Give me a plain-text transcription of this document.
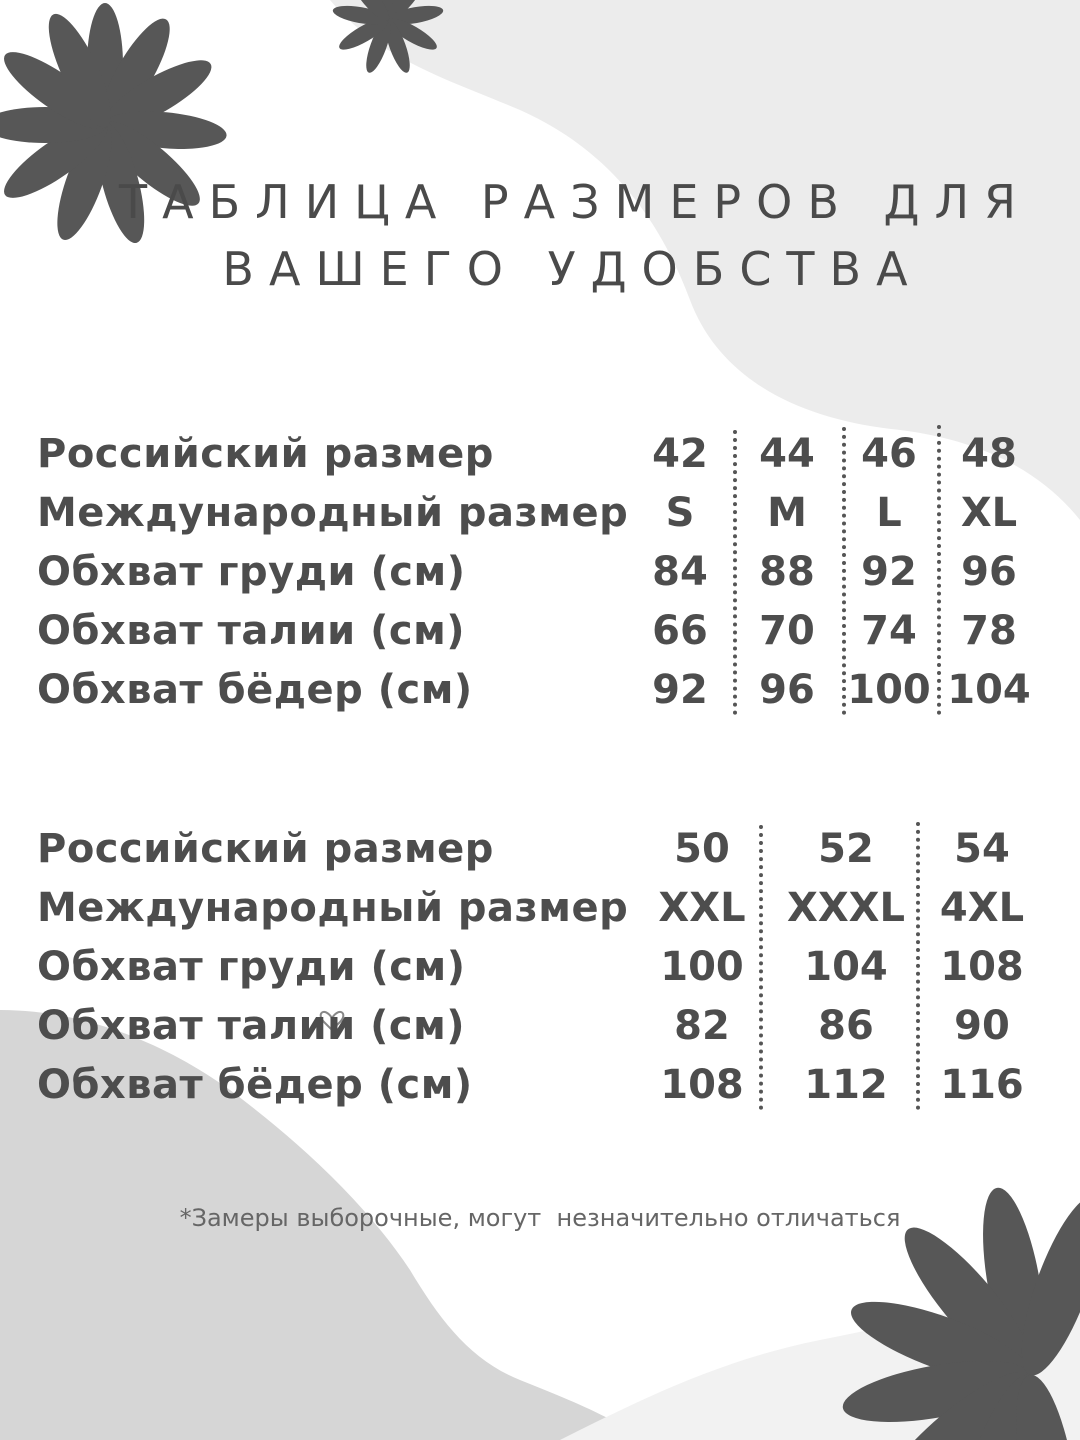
ТАБЛИЦА РАЗМЕРОВ ДЛЯ
ВАШЕГО УДОБСТВА
Российский размер	42 44 46 48
Международный размер S M L XL
Обхват груди (см)	84 88 92 96
Обхват талии (см)	66 70 74 78
Обхват бёдер (см)	92 96 100 104
Российский размер	50 52 54
Международный размер XXL XXXL 4XL
Обхват груди (см)	100 104 108
Обхват талии (см)	82 86 90
Обхват бёдер (см)	108 112 116
*Замеры выборочные, могут  незначительно отличаться
